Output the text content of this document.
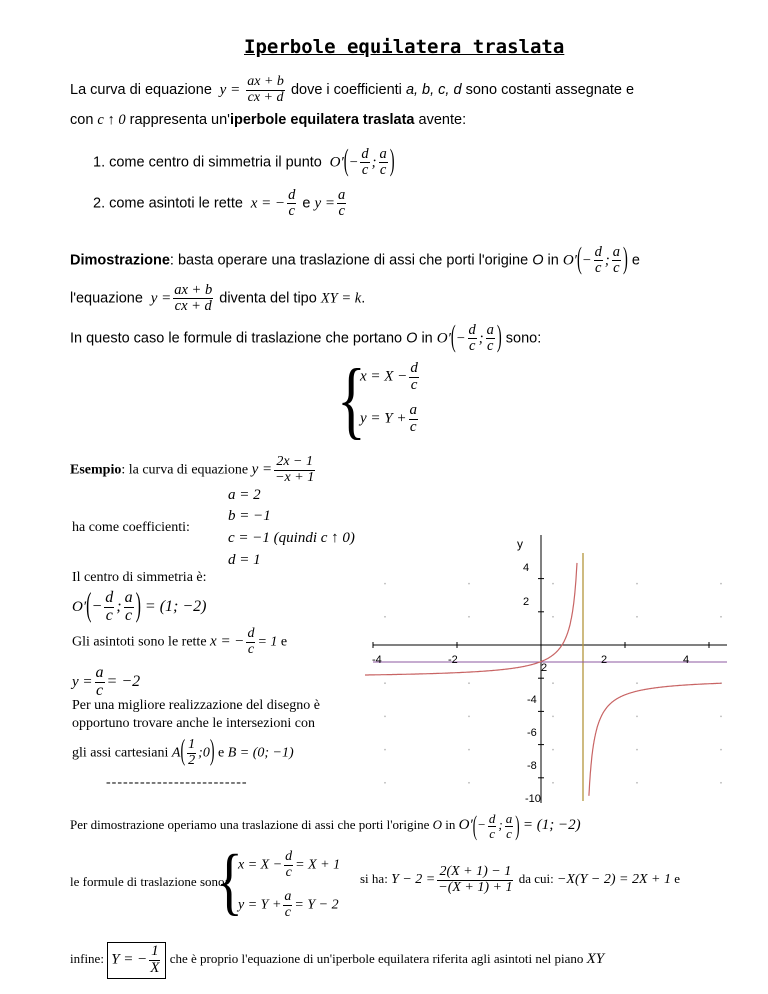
Iperbole equilatera traslata
La curva di equazione  $y = \frac{ax + b}{cx + d}$ dove i coefficienti a, b, c, d sono costanti assegnate e
con c ↑ 0 rappresenta un'iperbole equilatera traslata avente:
1. come centro di simmetria il punto  $O'(- \frac{d}{c}$ ; $\frac{a}{c}$ )
2. come asintoti le rette  x = − $\frac{d}{c}$ e $y = \frac{a}{c}$
Dimostrazione: basta operare una traslazione di assi che porti l'origine O in $O'(- \frac{d}{c}$ ; $\frac{a}{c}$ ) e
l'equazione  $y = \frac{ax + b}{cx + d}$ diventa del tipo XY = k.
In questo caso le formule di traslazione che portano O in $O'(- \frac{d}{c}$ ; $\frac{a}{c}$ ) sono:
{
$x = X - \frac{d}{c}$
$y = Y + \frac{a}{c}$
Esempio: la curva di equazione $y = \frac{2x - 1}{-x + 1}$
ha come coefficienti:
a = 2
b = −1
c = −1 (quindi c ↑ 0)
d = 1
Il centro di simmetria è:
$O'(- \frac{d}{c}$ ; $\frac{a}{c}$ ) = (1; −2)
Gli asintoti sono le rette x = − $\frac{d}{c} = 1$ e
$y = \frac{a}{c} = -2$
Per una migliore realizzazione del disegno è
opportuno trovare anche le intersezioni con
gli assi cartesiani $A( \frac{1}{2}$ ;0) e B = (0; −1)
-------------------------
y
-4	-2	2	4
4
2
2
-4
-6
-8
-10
Per dimostrazione operiamo una traslazione di assi che porti l'origine O in $O'(- \frac{d}{c}$ ; $\frac{a}{c}$ ) = (1; −2)
le formule di traslazione sono:
{
$x = X - \frac{d}{c} = X + 1$
$y = Y + \frac{a}{c} = Y - 2$
si ha: $Y - 2 = \frac{2(X + 1) - 1}{-(X + 1) + 1}$ da cui: −X(Y − 2) = 2X + 1 e
infine: Y = − $\frac{1}{X}$ che è proprio l'equazione di un'iperbole equilatera riferita agli asintoti nel piano XY
